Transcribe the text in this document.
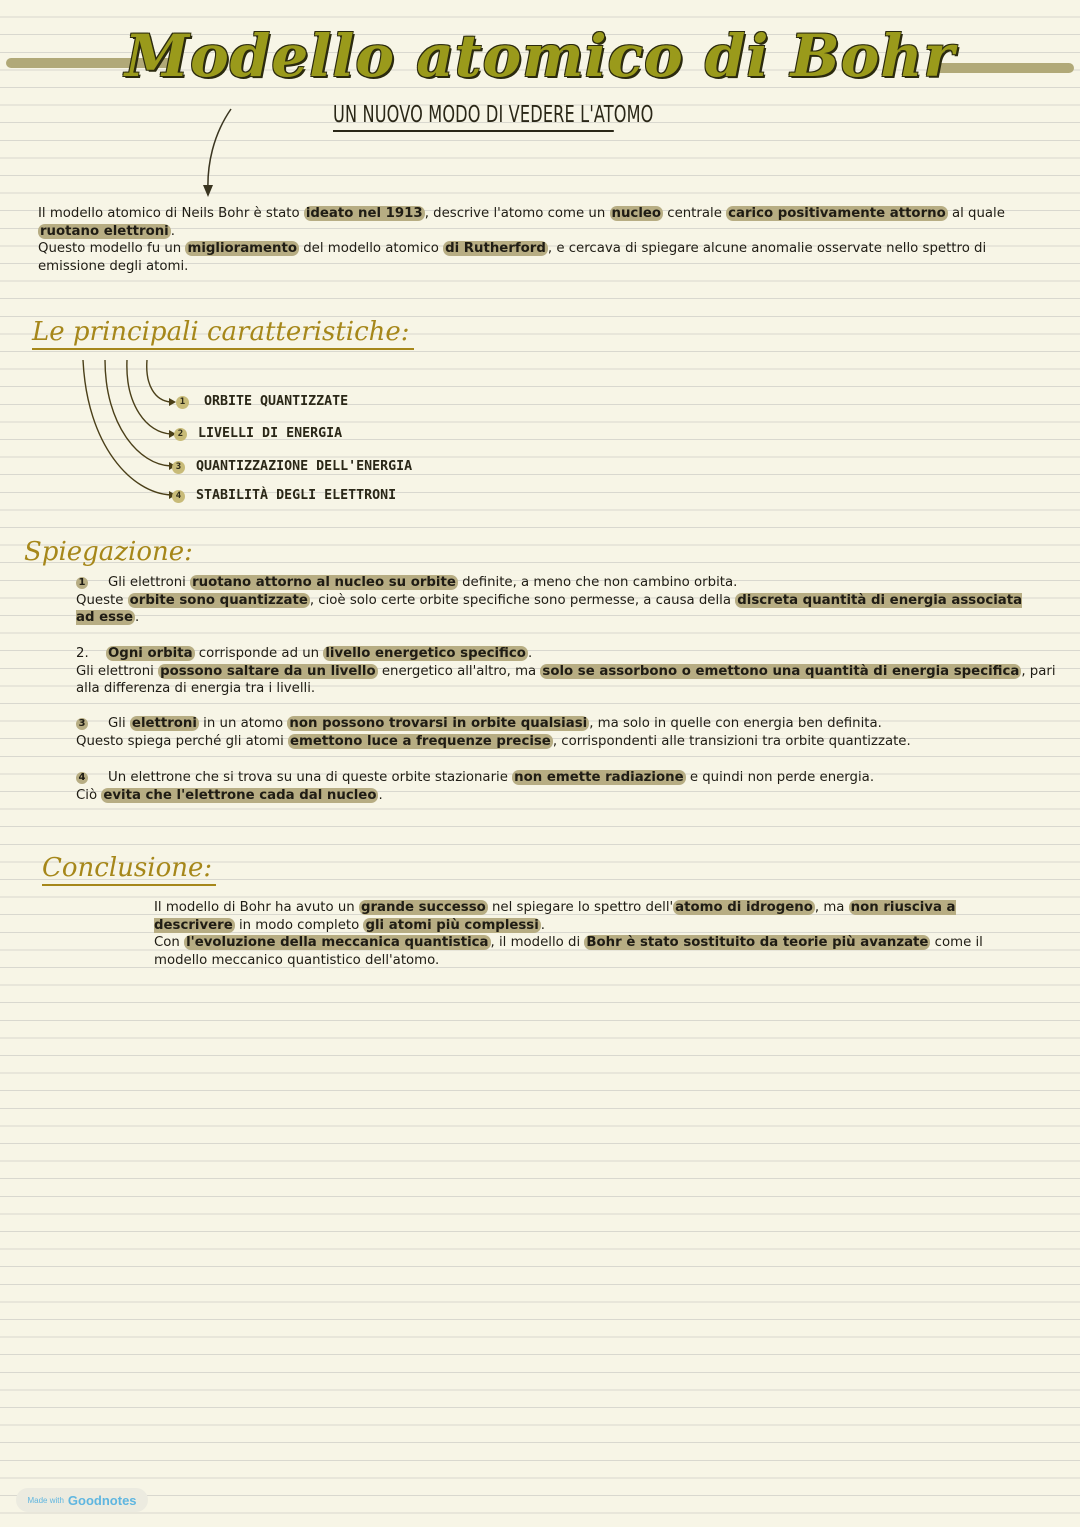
Modello atomico di Bohr
UN NUOVO MODO DI VEDERE L'ATOMO

Il modello atomico di Neils Bohr è stato ideato nel 1913 , descrive l'atomo come un nucleo centrale carico positivamente attorno al quale ruotano elettroni .

Questo modello fu un miglioramento del modello atomico di Rutherford , e cercava di spiegare alcune anomalie osservate nello spettro di emissione degli atomi.

Le principali caratteristiche:
1 ORBITE QUANTIZZATE
2 LIVELLI DI ENERGIA
3 QUANTIZZAZIONE DELL'ENERGIA
4 STABILITÀ DEGLI ELETTRONI
Spiegazione:

1 Gli elettroni ruotano attorno al nucleo su orbite definite, a meno che non cambino orbita.
Queste orbite sono quantizzate , cioè solo certe orbite specifiche sono permesse, a causa della discreta quantità di energia associata ad esse .

2. Ogni orbita corrisponde ad un livello energetico specifico .
Gli elettroni possono saltare da un livello energetico all'altro, ma solo se assorbono o emettono una quantità di energia specifica , pari alla differenza di energia tra i livelli.

3 Gli elettroni in un atomo non possono trovarsi in orbite qualsiasi , ma solo in quelle con energia ben definita.
Questo spiega perché gli atomi emettono luce a frequenze precise , corrispondenti alle transizioni tra orbite quantizzate.

4 Un elettrone che si trova su una di queste orbite stazionarie non emette radiazione e quindi non perde energia.
Ciò evita che l'elettrone cada dal nucleo .

Conclusione:

Il modello di Bohr ha avuto un grande successo nel spiegare lo spettro dell' atomo di idrogeno , ma non riusciva a descrivere in modo completo gli atomi più complessi .
Con l'evoluzione della meccanica quantistica , il modello di Bohr è stato sostituito da teorie più avanzate come il modello meccanico quantistico dell'atomo.

Made with Goodnotes
